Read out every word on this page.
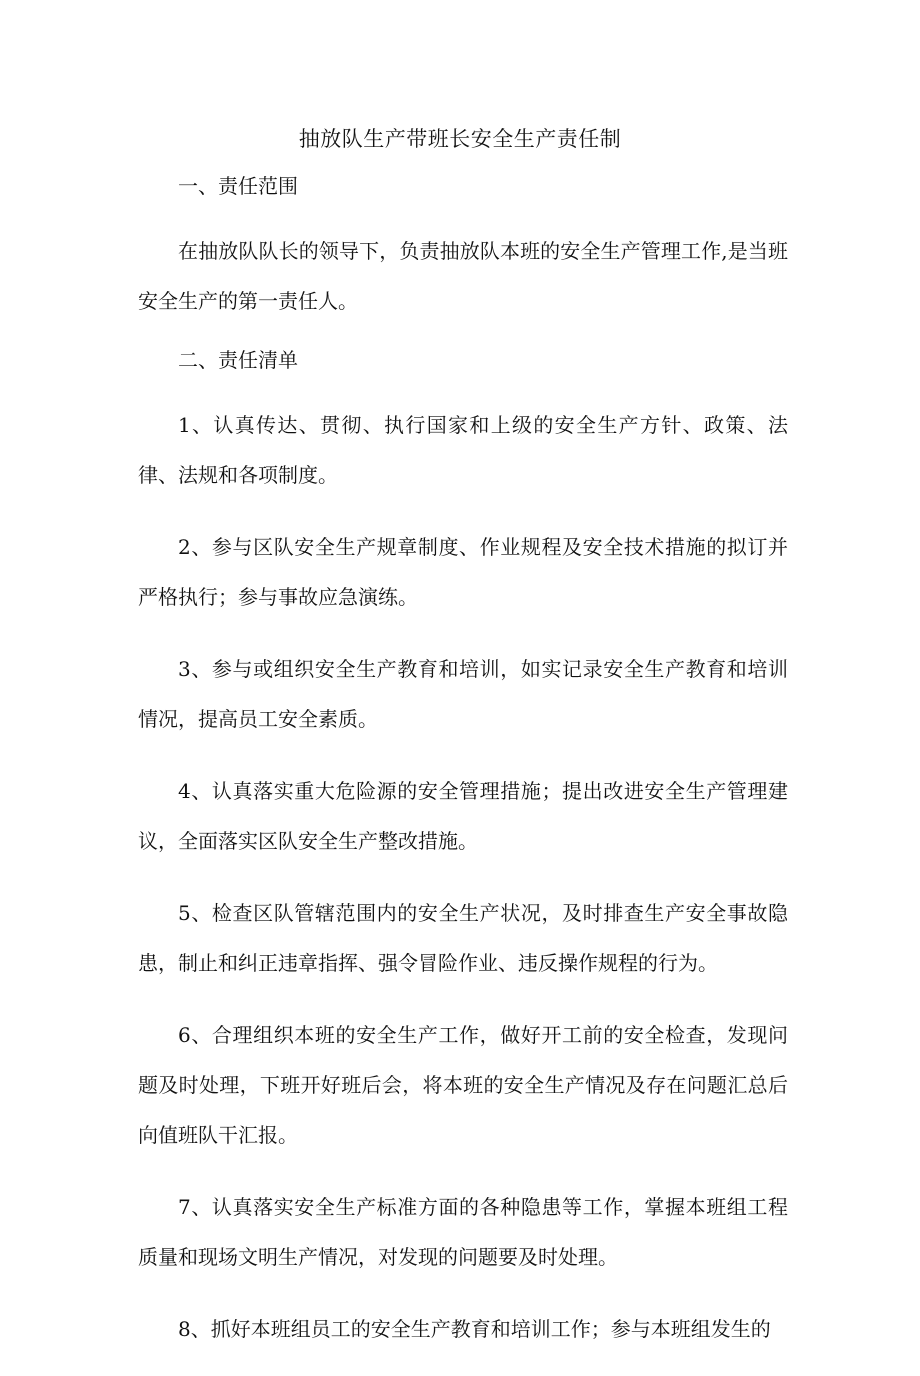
抽放队生产带班长安全生产责任制
一、责任范围

在抽放队队长的领导下，负责抽放队本班的安全生产管理工作,是当班安全生产的第一责任人。

二、责任清单

1、认真传达、贯彻、执行国家和上级的安全生产方针、政策、法律、法规和各项制度。

2、参与区队安全生产规章制度、作业规程及安全技术措施的拟订并严格执行；参与事故应急演练。

3、参与或组织安全生产教育和培训，如实记录安全生产教育和培训情况，提高员工安全素质。

4、认真落实重大危险源的安全管理措施；提出改进安全生产管理建议，全面落实区队安全生产整改措施。

5、检查区队管辖范围内的安全生产状况，及时排查生产安全事故隐患，制止和纠正违章指挥、强令冒险作业、违反操作规程的行为。

6、合理组织本班的安全生产工作，做好开工前的安全检查，发现问题及时处理，下班开好班后会，将本班的安全生产情况及存在问题汇总后向值班队干汇报。

7、认真落实安全生产标准方面的各种隐患等工作，掌握本班组工程质量和现场文明生产情况，对发现的问题要及时处理。

8、抓好本班组员工的安全生产教育和培训工作；参与本班组发生的
